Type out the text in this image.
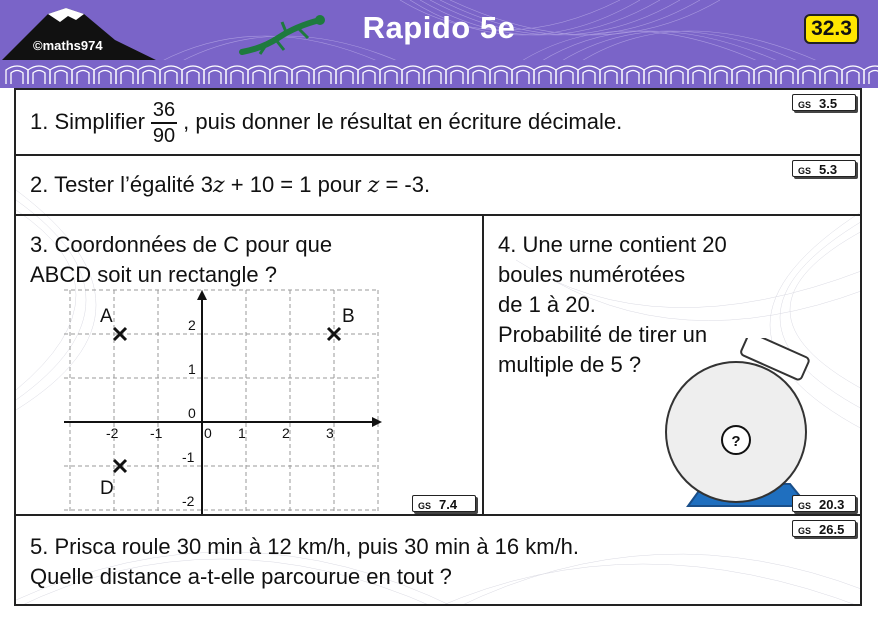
©maths974
Rapido 5e	32.3
1. Simplifier $\frac{36}{90}$ , puis donner le résultat en écriture décimale.
GS 3.5
2. Tester l’égalité 3z + 10 = 1 pour z = -3.
GS 5.3
3. Coordonnées de C pour que
ABCD soit un rectangle ?
-2 -1	0 1	2	3
2
1
0
-1
-2
A	B
D
GS 7.4
4. Une urne contient 20
boules numérotées
de 1 à 20.
Probabilité de tirer un
multiple de 5 ?
?
GS 20.3
GS 26.5
5. Prisca roule 30 min à 12 km/h, puis 30 min à 16 km/h.
Quelle distance a-t-elle parcourue en tout ?
